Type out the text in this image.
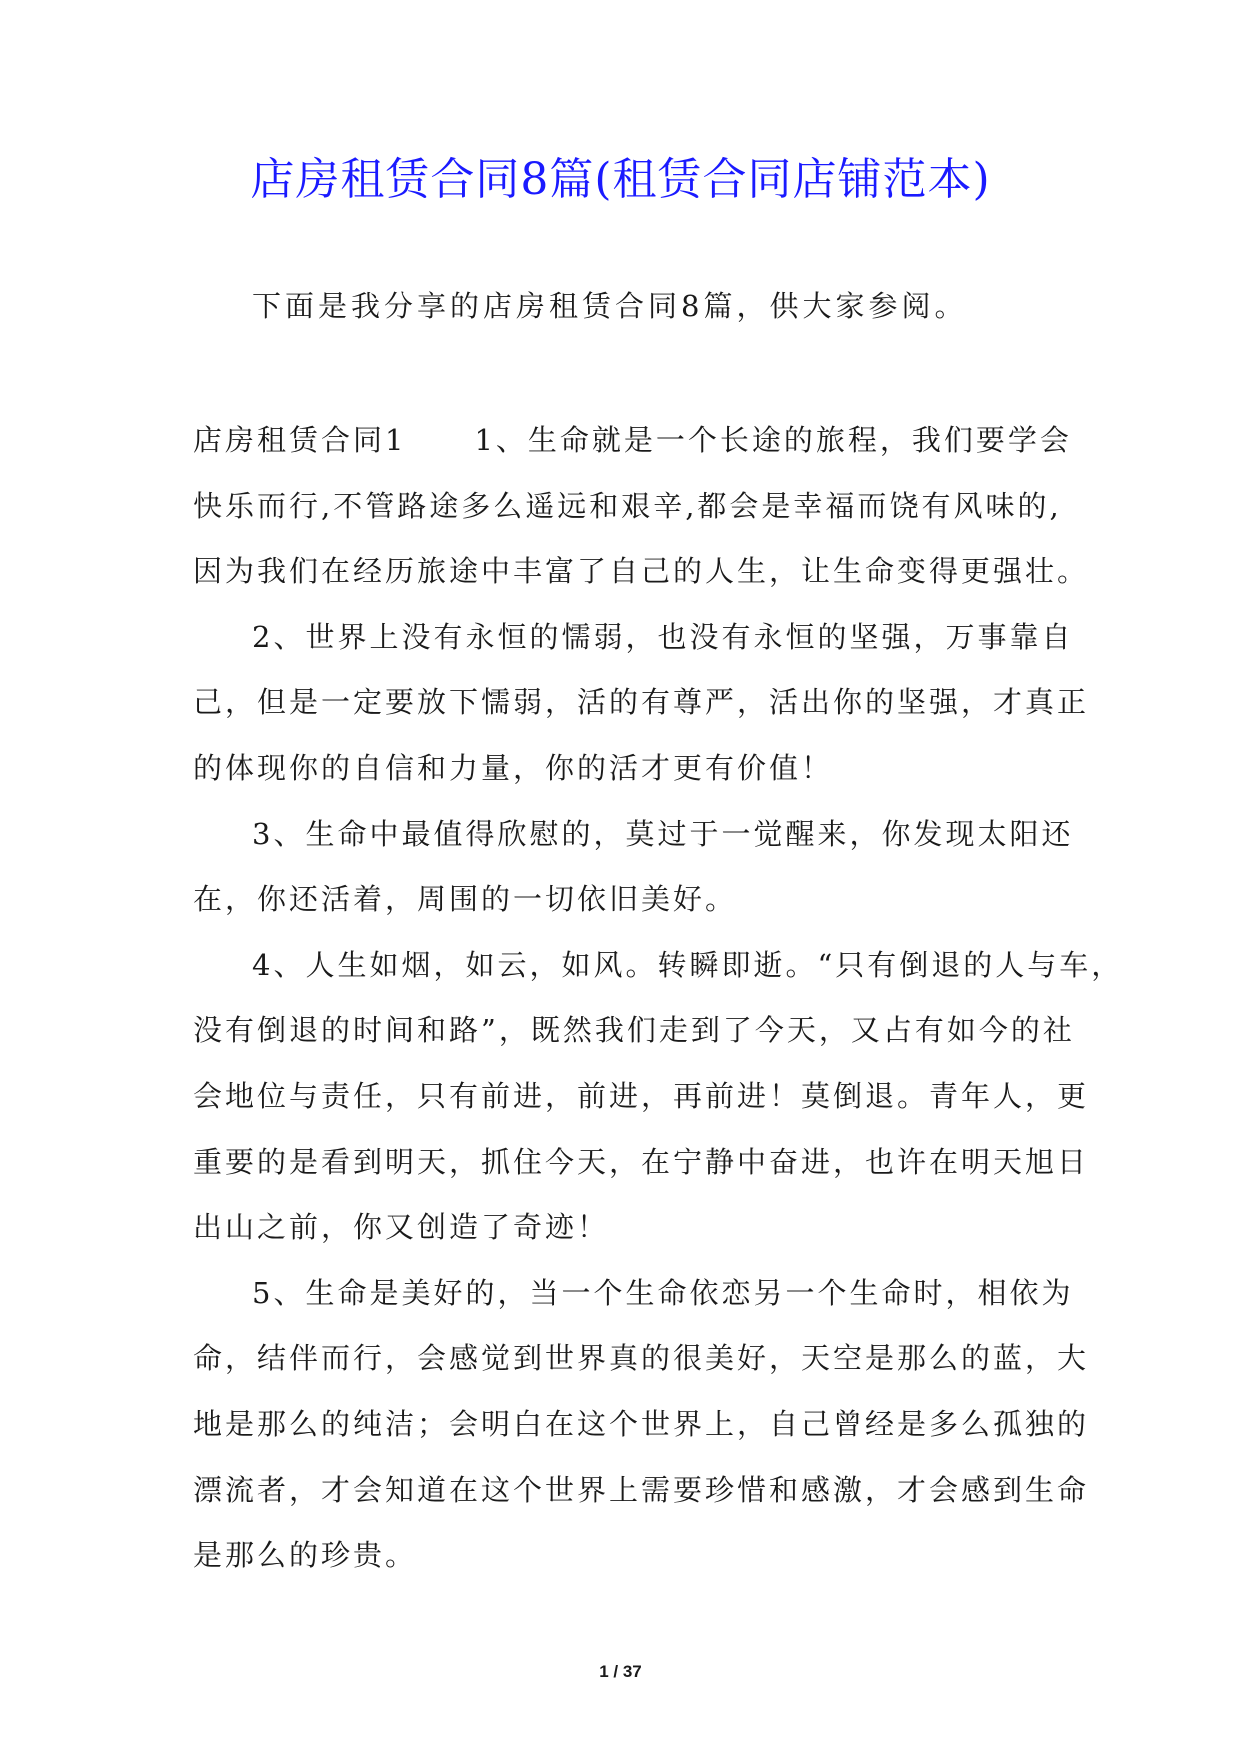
店房租赁合同8篇(租赁合同店铺范本)
下面是我分享的店房租赁合同8篇，供大家参阅。
店房租赁合同1 1、生命就是一个长途的旅程，我们要学会
快乐而行,不管路途多么遥远和艰辛,都会是幸福而饶有风味的,
因为我们在经历旅途中丰富了自己的人生，让生命变得更强壮。
2、世界上没有永恒的懦弱，也没有永恒的坚强，万事靠自
己，但是一定要放下懦弱，活的有尊严，活出你的坚强，才真正
的体现你的自信和力量，你的活才更有价值！
3、生命中最值得欣慰的，莫过于一觉醒来，你发现太阳还
在，你还活着，周围的一切依旧美好。
4、人生如烟，如云，如风。转瞬即逝。“只有倒退的人与车，
没有倒退的时间和路”，既然我们走到了今天，又占有如今的社
会地位与责任，只有前进，前进，再前进！莫倒退。青年人，更
重要的是看到明天，抓住今天，在宁静中奋进，也许在明天旭日
出山之前，你又创造了奇迹！
5、生命是美好的，当一个生命依恋另一个生命时，相依为
命，结伴而行，会感觉到世界真的很美好，天空是那么的蓝，大
地是那么的纯洁；会明白在这个世界上，自己曾经是多么孤独的
漂流者，才会知道在这个世界上需要珍惜和感激，才会感到生命
是那么的珍贵。
1 / 37
